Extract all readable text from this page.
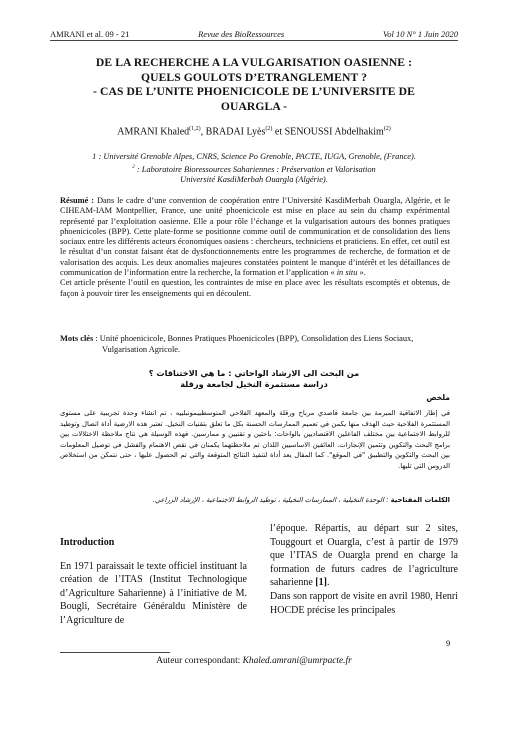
AMRANI et al. 09 - 21	Revue des BioRessources	Vol 10 N° 1 Juin 2020
DE LA RECHERCHE A LA VULGARISATION OASIENNE :
QUELS GOULOTS D’ETRANGLEMENT ?
- CAS DE L’UNITE PHOENICICOLE DE L’UNIVERSITE DE
OUARGLA -
AMRANI Khaled$^{(1,2)}$, BRADAI Lyès$^{(2)}$ et SENOUSSI Abdelhakim$^{(2)}$
1 : Université Grenoble Alpes, CNRS, Science Po Grenoble, PACTE, IUGA, Grenoble, (France).
$^2$ : Laboratoire Bioressources Sahariennes : Préservation et Valorisation
Université KasdiMerbah Ouargla (Algérie).

Résumé : Dans le cadre d’une convention de coopération entre l’Université KasdiMerbah Ouargla, Algérie, et le CIHEAM-IAM Montpellier, France, une unité phoenicicole est mise en place au sein du champ expérimental représenté par l’exploitation oasienne. Elle a pour rôle l’échange et la vulgarisation autours des bonnes pratiques phoenicicoles (BPP). Cette plate-forme se positionne comme outil de communication et de consolidation des liens sociaux entre les différents acteurs économiques oasiens : chercheurs, techniciens et praticiens. En effet, cet outil est le résultat d’un constat faisant état de dysfonctionnements entre les programmes de recherche, de formation et de valorisation des acquis. Les deux anomalies majeures constatées pointent le manque d’intérêt et les défaillances de communication de l’information entre la recherche, la formation et l’application « in situ ».

Cet article présente l’outil en question, les contraintes de mise en place avec les résultats escomptés et obtenus, de façon à pouvoir tirer les enseignements qui en découlent.

Mots clés : Unité phoenicicole, Bonnes Pratiques Phoenicicoles (BPP), Consolidation des Liens Sociaux,
Vulgarisation Agricole.
من البحث الى الارشاد الواحاتي : ما هي الاختناقات ؟
دراسة مستثمرة النخيل لجامعة ورقلة
ملخص
في إطار الاتفاقية المبرمة بين جامعة قاصدي مرباح ورقلة والمعهد الفلاحي المتوسطيبمونبلييه ، تم انشاء وحدة تجريبية على مستوى المستثمرة الفلاحية حيث الهدف منها يكمن في تعميم الممارسات الحسنة بكل ما تعلق بتقنيات النخيل. تعتبر هذه الارضية أداة اتصال وتوطيد للروابط الاجتماعية بين مختلف الفاعلين الاقتصاديين بالواحات: باحثين و تقنيين و ممارسين. فهذه الوسيلة هي نتاج ملاحظة الاختلالات بين برامج البحث والتكوين وتثمين الإنجازات. العائقين الاساسيين اللذان تم ملاحظتهما يكمنان في نقص الاهتمام والفشل في توصيل المعلومات بين البحث والتكوين والتطبيق "في الموقع". كما المقال يعد أداة لتنفيذ النتائج المتوقعة والتي تم الحصول عليها ، حتى نتمكن من استخلاص الدروس التي تليها.
الكلمات المفتاحية : الوحدة النخيلية ، الممارسات النخيلية ، توطيد الروابط الاجتماعية ، الإرشاد الزراعي.
Introduction

En 1971 paraissait le texte officiel instituant la création de l’ITAS (Institut Technologique d’Agriculture Saharienne) à l’initiative de M. Bougli, Secrétaire Généraldu Ministère de l’Agriculture de

l’époque. Répartis, au départ sur 2 sites, Touggourt et Ouargla, c’est à partir de 1979 que l’ITAS de Ouargla prend en charge la formation de futurs cadres de l’agriculture saharienne [1].

Dans son rapport de visite en avril 1980, Henri HOCDE précise les principales

9
Auteur correspondant: Khaled.amrani@umrpacte.fr
